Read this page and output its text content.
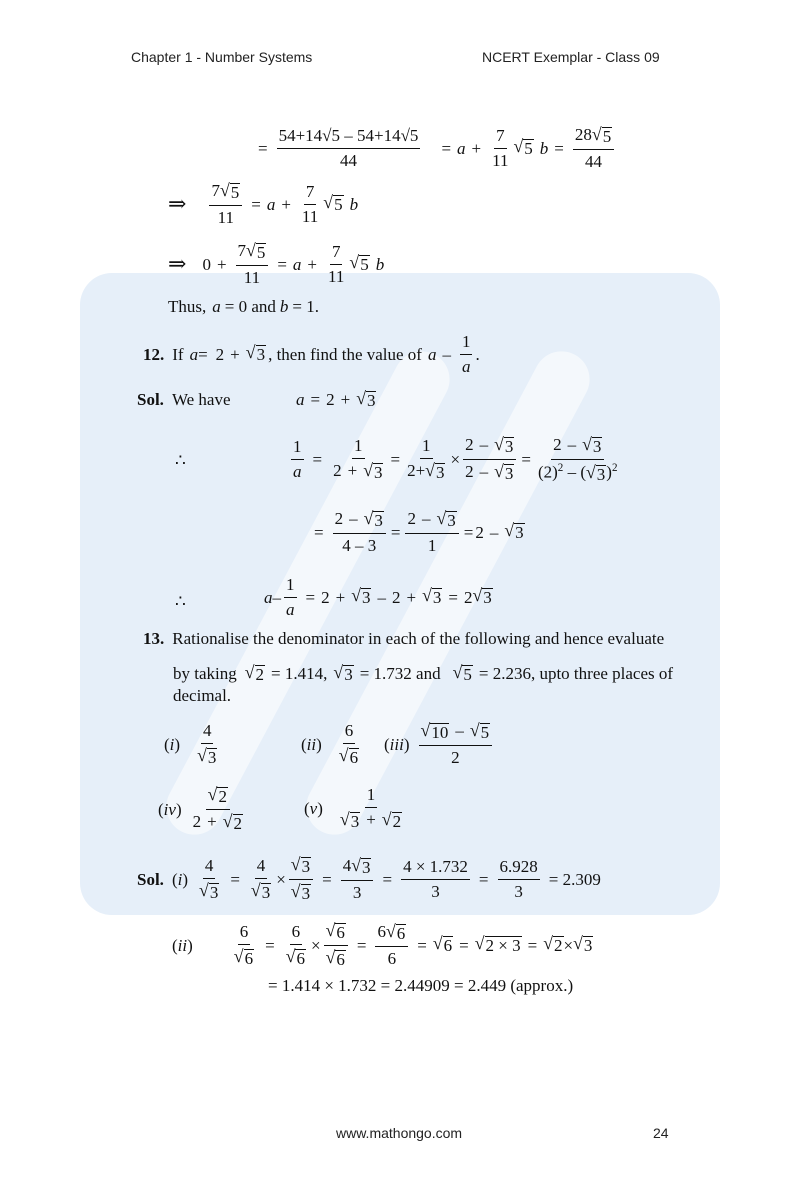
Chapter 1 - Number Systems	NCERT Exemplar - Class 09
= $\frac{54+14√5 - 54+14√5}{44} = a + \frac{7}{11}$ √ 5 $b = \frac{28 √ 5}{44}$
⇒ $\frac{7 √ 5}{11} = a + \frac{7}{11}$ √ 5 b
⇒ $0 + \frac{7 √ 5}{11} = a + \frac{7}{11}$ √ 5 b
Thus, a = 0 and b = 1.
12. If a = 2 + √ 3 , then find the value of a – $\frac{1}{a}$ .
Sol. We have	a = 2 + √ 3
∴	$\frac{1}{a} = \frac{1}{2 + √ 3} = \frac{1}{2+ √ 3} \times \frac{2 - √ 3}{2 - √ 3} = \frac{2 - √ 3}{(2)^2 - ( √ 3 )^2}$
= $\frac{2 - √ 3}{4 - 3} = \frac{2 - √ 3}{1} = 2$ – √ 3
∴	$a - \frac{1}{a} = 2$ + √ 3 – 2 + √ 3 = 2 √ 3
13. Rationalise the denominator in each of the following and hence evaluate
by taking √ 2 = 1.414, √ 3 = 1.732 and √ 5 = 2.236, upto three places of
decimal.
( i ) $\frac{4}{√ 3}$	( ii ) $\frac{6}{√ 6}$ ( iii ) $\frac{√ 10 - √ 5}{2}$
( iv ) $\frac{√ 2}{2 + √ 2}$	( v ) $\frac{1}{√ 3 + √ 2}$
Sol. ( i ) $\frac{4}{√ 3} = \frac{4}{√ 3} \times \frac{√ 3}{√ 3} = \frac{4 √ 3}{3} = \frac{4 \times 1.732}{3} = \frac{6.928}{3} = 2.309$
( ii ) $\frac{6}{√ 6} = \frac{6}{√ 6} \times \frac{√ 6}{√ 6} = \frac{6 √ 6}{6}$ = √ 6 = √ 2 × 3 = √ 2 × √ 3
= 1.414 × 1.732 = 2.44909 = 2.449 (approx.)
www.mathongo.com	24
